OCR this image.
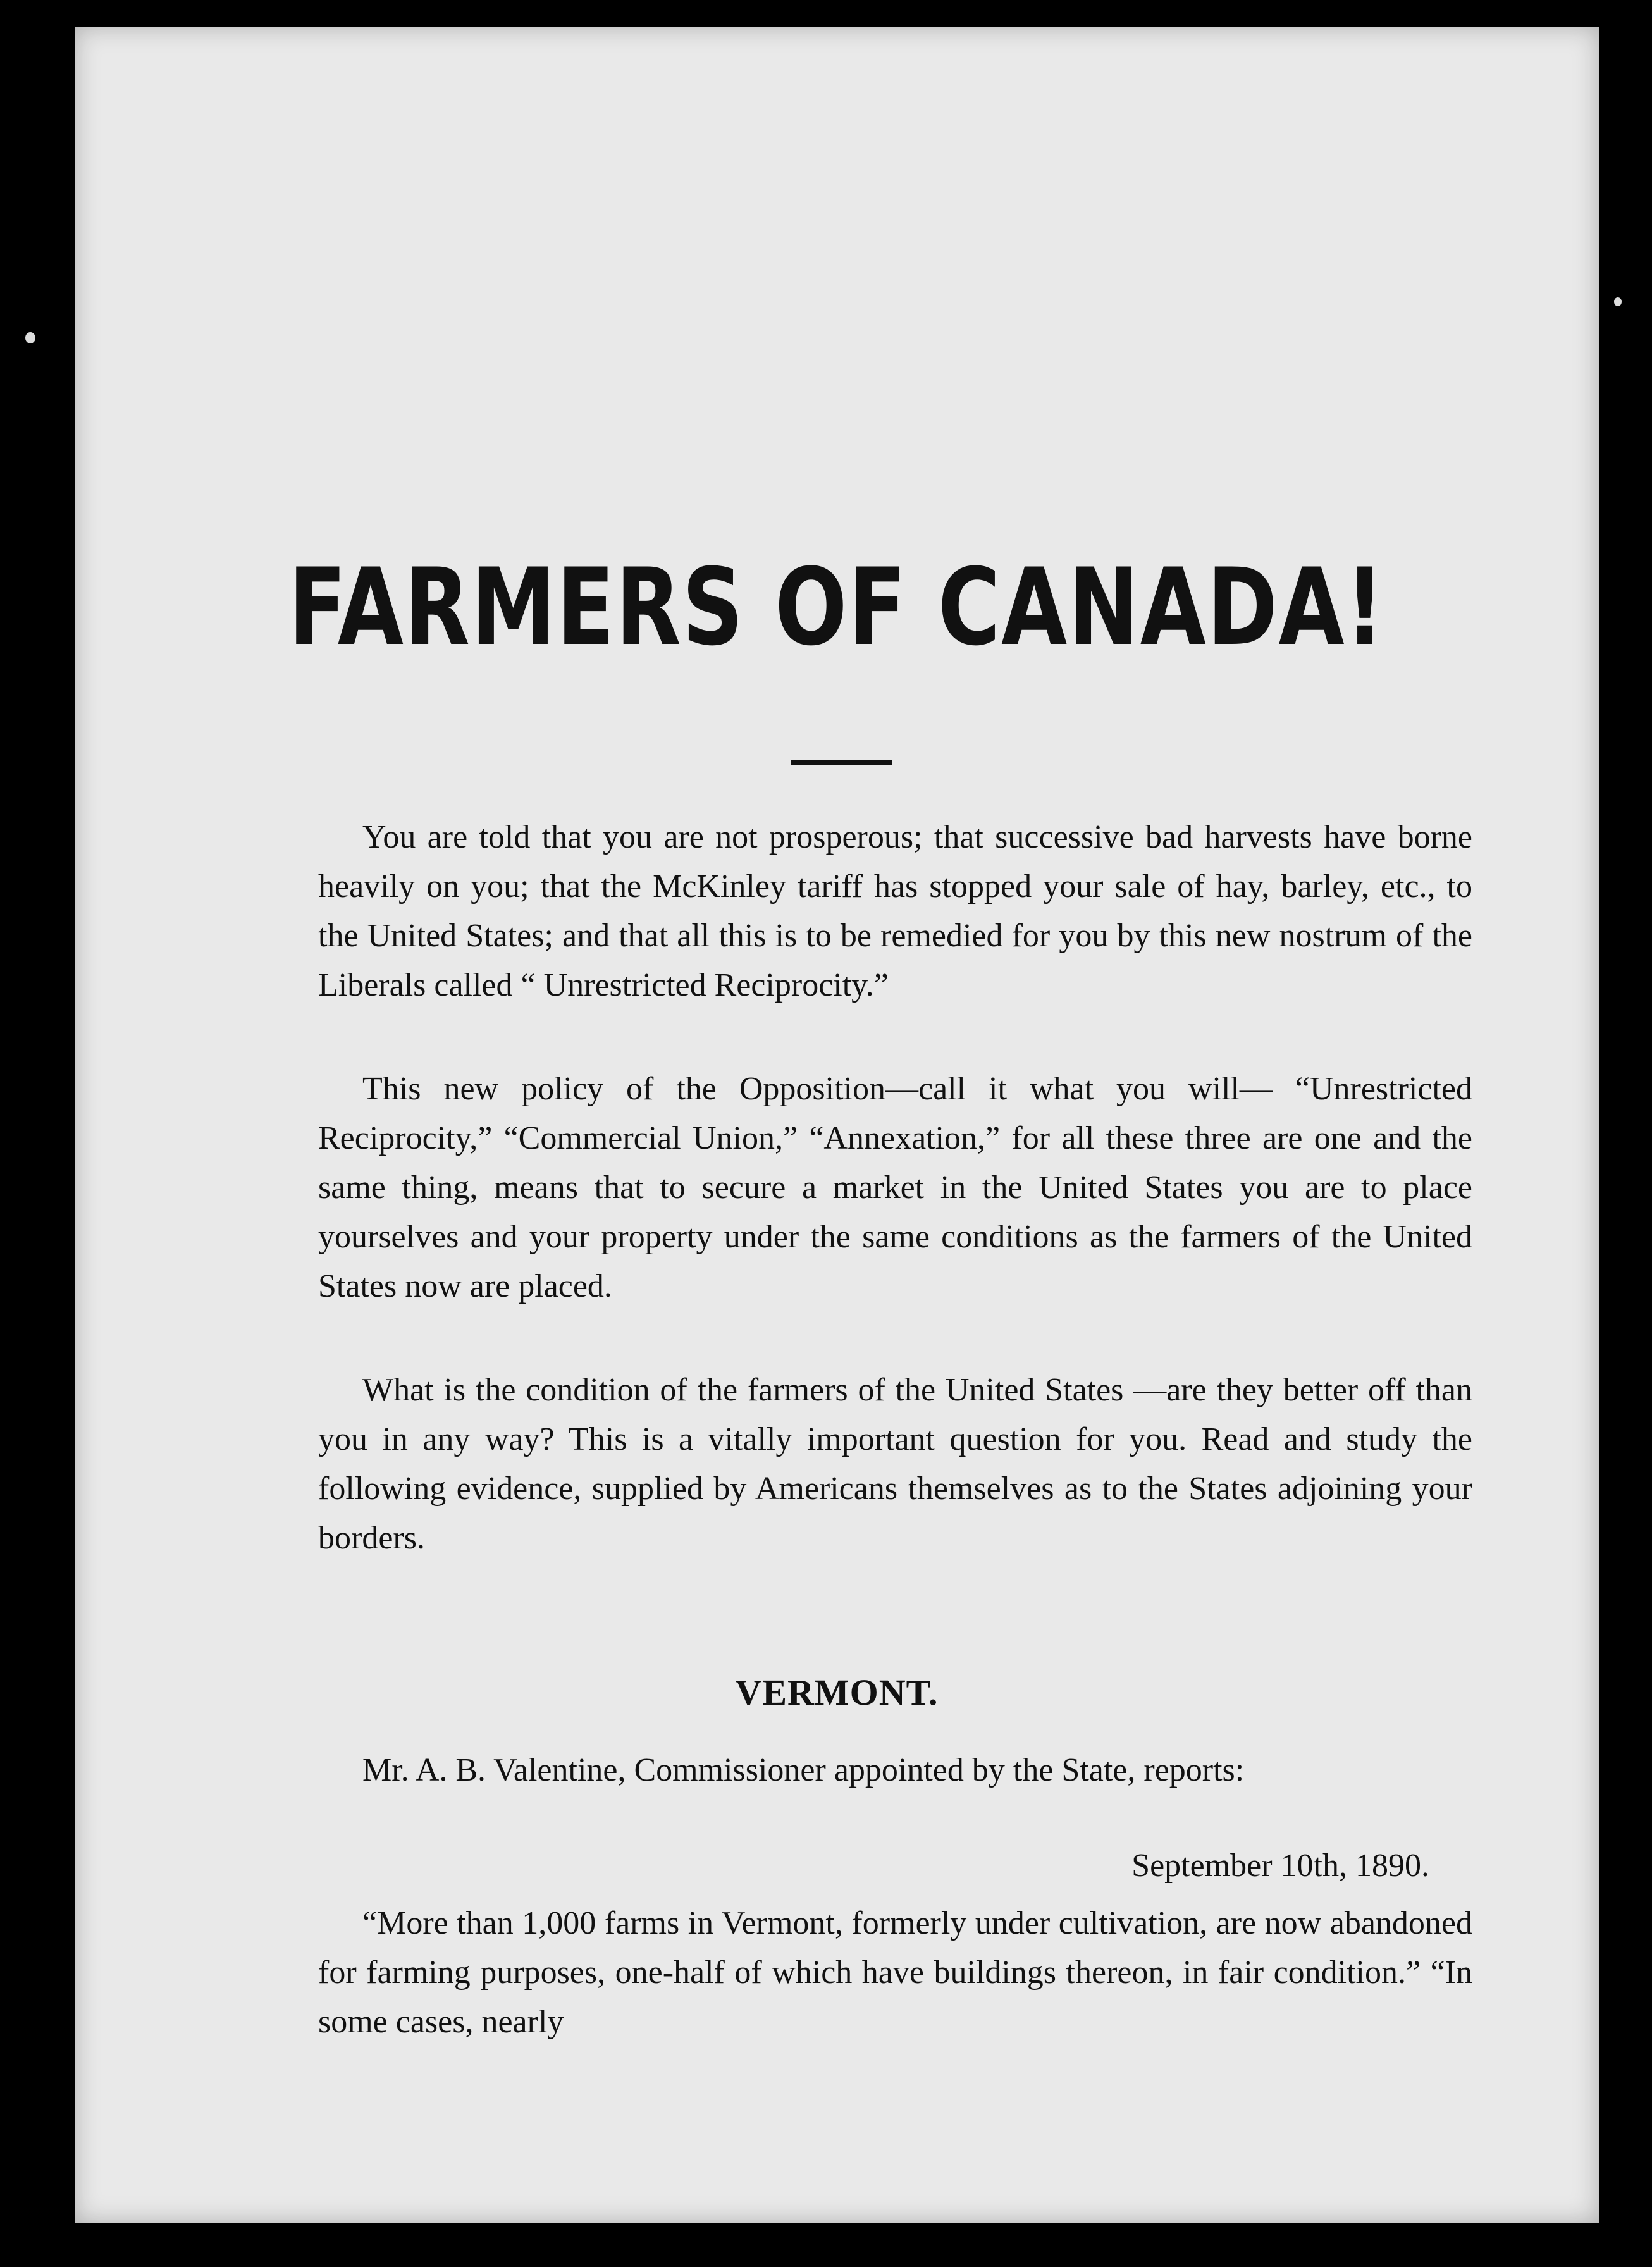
FARMERS OF CANADA!

You are told that you are not prosperous; that successive bad harvests have borne heavily on you; that the McKinley tariff has stopped your sale of hay, barley, etc., to the United States; and that all this is to be remedied for you by this new nostrum of the Liberals called “ Unrestricted Reciprocity.”

This new policy of the Opposition—call it what you will— “Unrestricted Reciprocity,” “Commercial Union,” “Annexation,” for all these three are one and the same thing, means that to secure a market in the United States you are to place yourselves and your property under the same conditions as the farmers of the United States now are placed.

What is the condition of the farmers of the United States —are they better off than you in any way? This is a vitally important question for you. Read and study the following evidence, supplied by Americans themselves as to the States adjoining your borders.

VERMONT.

Mr. A. B. Valentine, Commissioner appointed by the State, reports:

September 10th, 1890.

“More than 1,000 farms in Vermont, formerly under cultivation, are now abandoned for farming purposes, one-half of which have buildings thereon, in fair condition.” “In some cases, nearly
